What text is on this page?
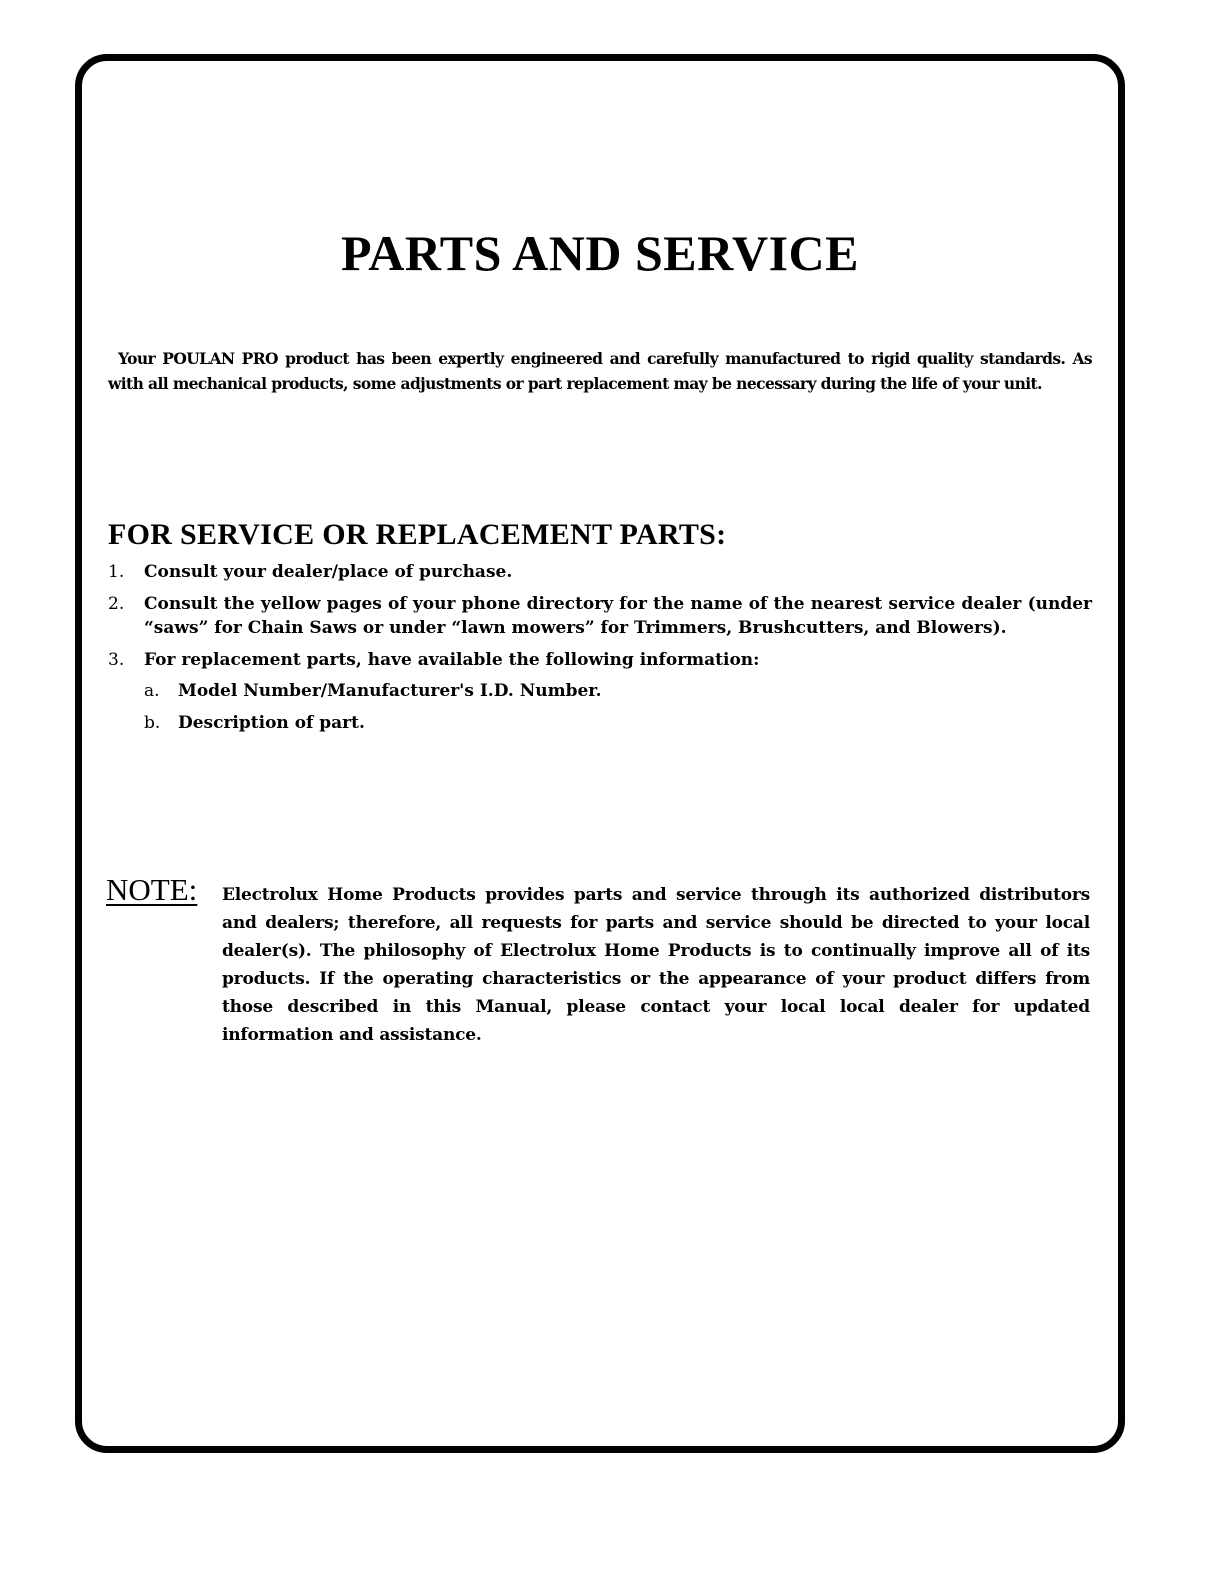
PARTS AND SERVICE

Your POULAN PRO product has been expertly engineered and carefully manufactured to rigid quality standards. As with all mechanical products, some adjustments or part replacement may be necessary during the life of your unit.

FOR SERVICE OR REPLACEMENT PARTS:
1. Consult your dealer/place of purchase.
2. Consult the yellow pages of your phone directory for the name of the nearest service dealer (under “saws” for Chain Saws or under “lawn mowers” for Trimmers, Brushcutters, and Blowers).
3. For replacement parts, have available the following information:
a. Model Number/Manufacturer's I.D. Number.
b. Description of part.
NOTE: Electrolux Home Products provides parts and service through its authorized distributors and dealers; therefore, all requests for parts and service should be directed to your local dealer(s). The philosophy of Electrolux Home Products is to continually improve all of its products. If the operating characteristics or the appearance of your product differs from those described in this Manual, please contact your local local dealer for updated information and assistance.
